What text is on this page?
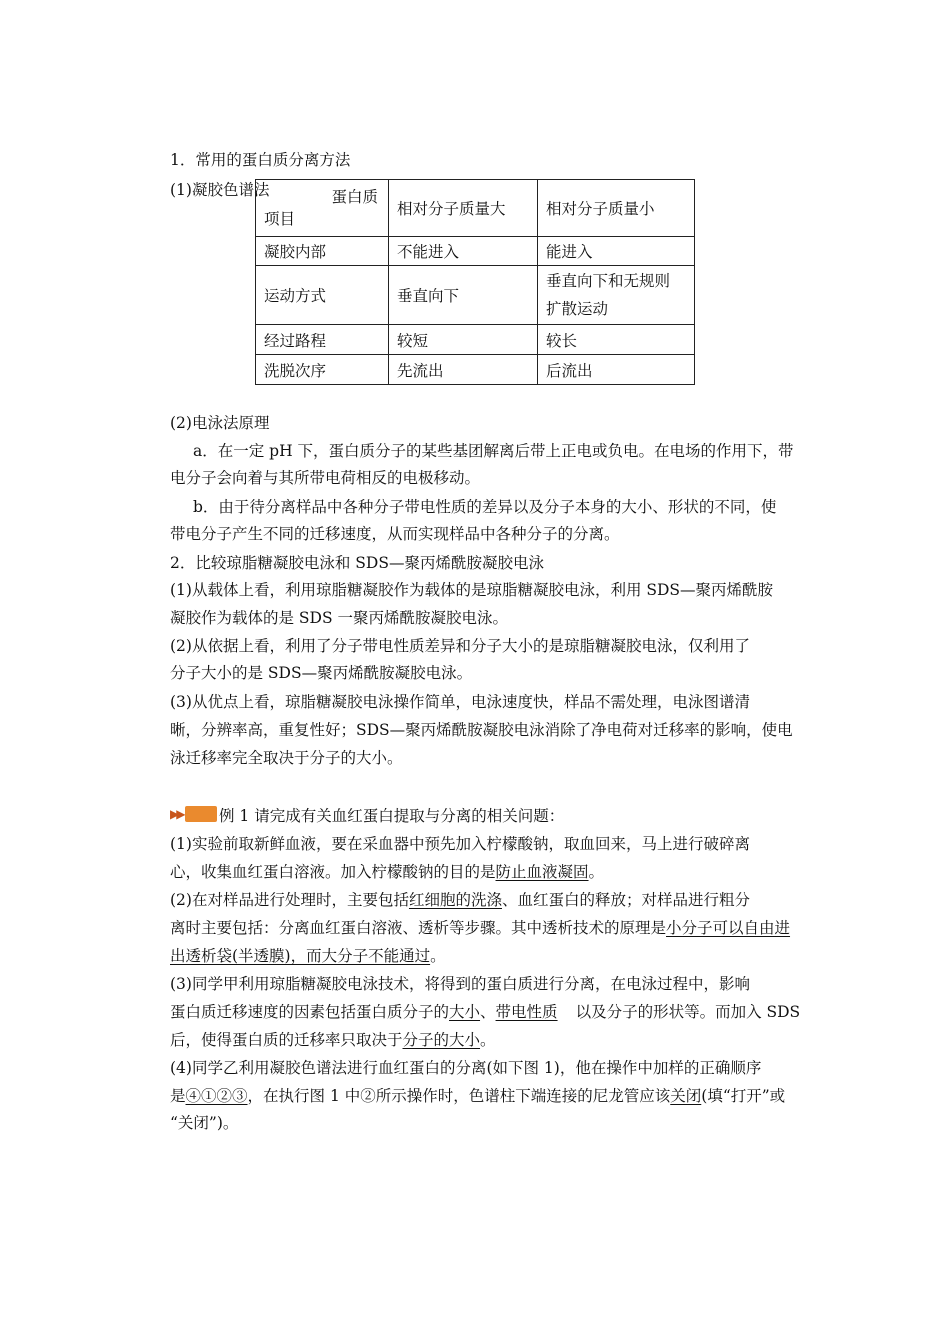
1．常用的蛋白质分离方法
(1)凝胶色谱法	蛋白质
项目	相对分子质量大	相对分子质量小
凝胶内部	不能进入	能进入
运动方式	垂直向下	垂直向下和无规则
扩散运动

经过路程	较短	较长
洗脱次序	先流出	后流出
(2)电泳法原理
a．在一定 pH 下，蛋白质分子的某些基团解离后带上正电或负电。在电场的作用下，带
电分子会向着与其所带电荷相反的电极移动。
b．由于待分离样品中各种分子带电性质的差异以及分子本身的大小、形状的不同，使
带电分子产生不同的迁移速度，从而实现样品中各种分子的分离。
2．比较琼脂糖凝胶电泳和 SDS—聚丙烯酰胺凝胶电泳
(1)从载体上看，利用琼脂糖凝胶作为载体的是琼脂糖凝胶电泳，利用 SDS—聚丙烯酰胺
凝胶作为载体的是 SDS 一聚丙烯酰胺凝胶电泳。
(2)从依据上看，利用了分子带电性质差异和分子大小的是琼脂糖凝胶电泳，仅利用了
分子大小的是 SDS—聚丙烯酰胺凝胶电泳。
(3)从优点上看，琼脂糖凝胶电泳操作简单，电泳速度快，样品不需处理，电泳图谱清
晰，分辨率高，重复性好；SDS—聚丙烯酰胺凝胶电泳消除了净电荷对迁移率的影响，使电
泳迁移率完全取决于分子的大小。
▶▶ 例 1 请完成有关血红蛋白提取与分离的相关问题：
(1)实验前取新鲜血液，要在采血器中预先加入柠檬酸钠，取血回来，马上进行破碎离
心，收集血红蛋白溶液。加入柠檬酸钠的目的是防止血液凝固。
(2)在对样品进行处理时，主要包括红细胞的洗涤、血红蛋白的释放；对样品进行粗分
离时主要包括：分离血红蛋白溶液、透析等步骤。其中透析技术的原理是小分子可以自由进
出透析袋(半透膜)，而大分子不能通过。
(3)同学甲利用琼脂糖凝胶电泳技术，将得到的蛋白质进行分离，在电泳过程中，影响
蛋白质迁移速度的因素包括蛋白质分子的大小、带电性质 以及分子的形状等。而加入 SDS
后，使得蛋白质的迁移率只取决于分子的大小。
(4)同学乙利用凝胶色谱法进行血红蛋白的分离(如下图 1)，他在操作中加样的正确顺序
是④①②③，在执行图 1 中②所示操作时，色谱柱下端连接的尼龙管应该关闭(填“打开”或
“关闭”)。
